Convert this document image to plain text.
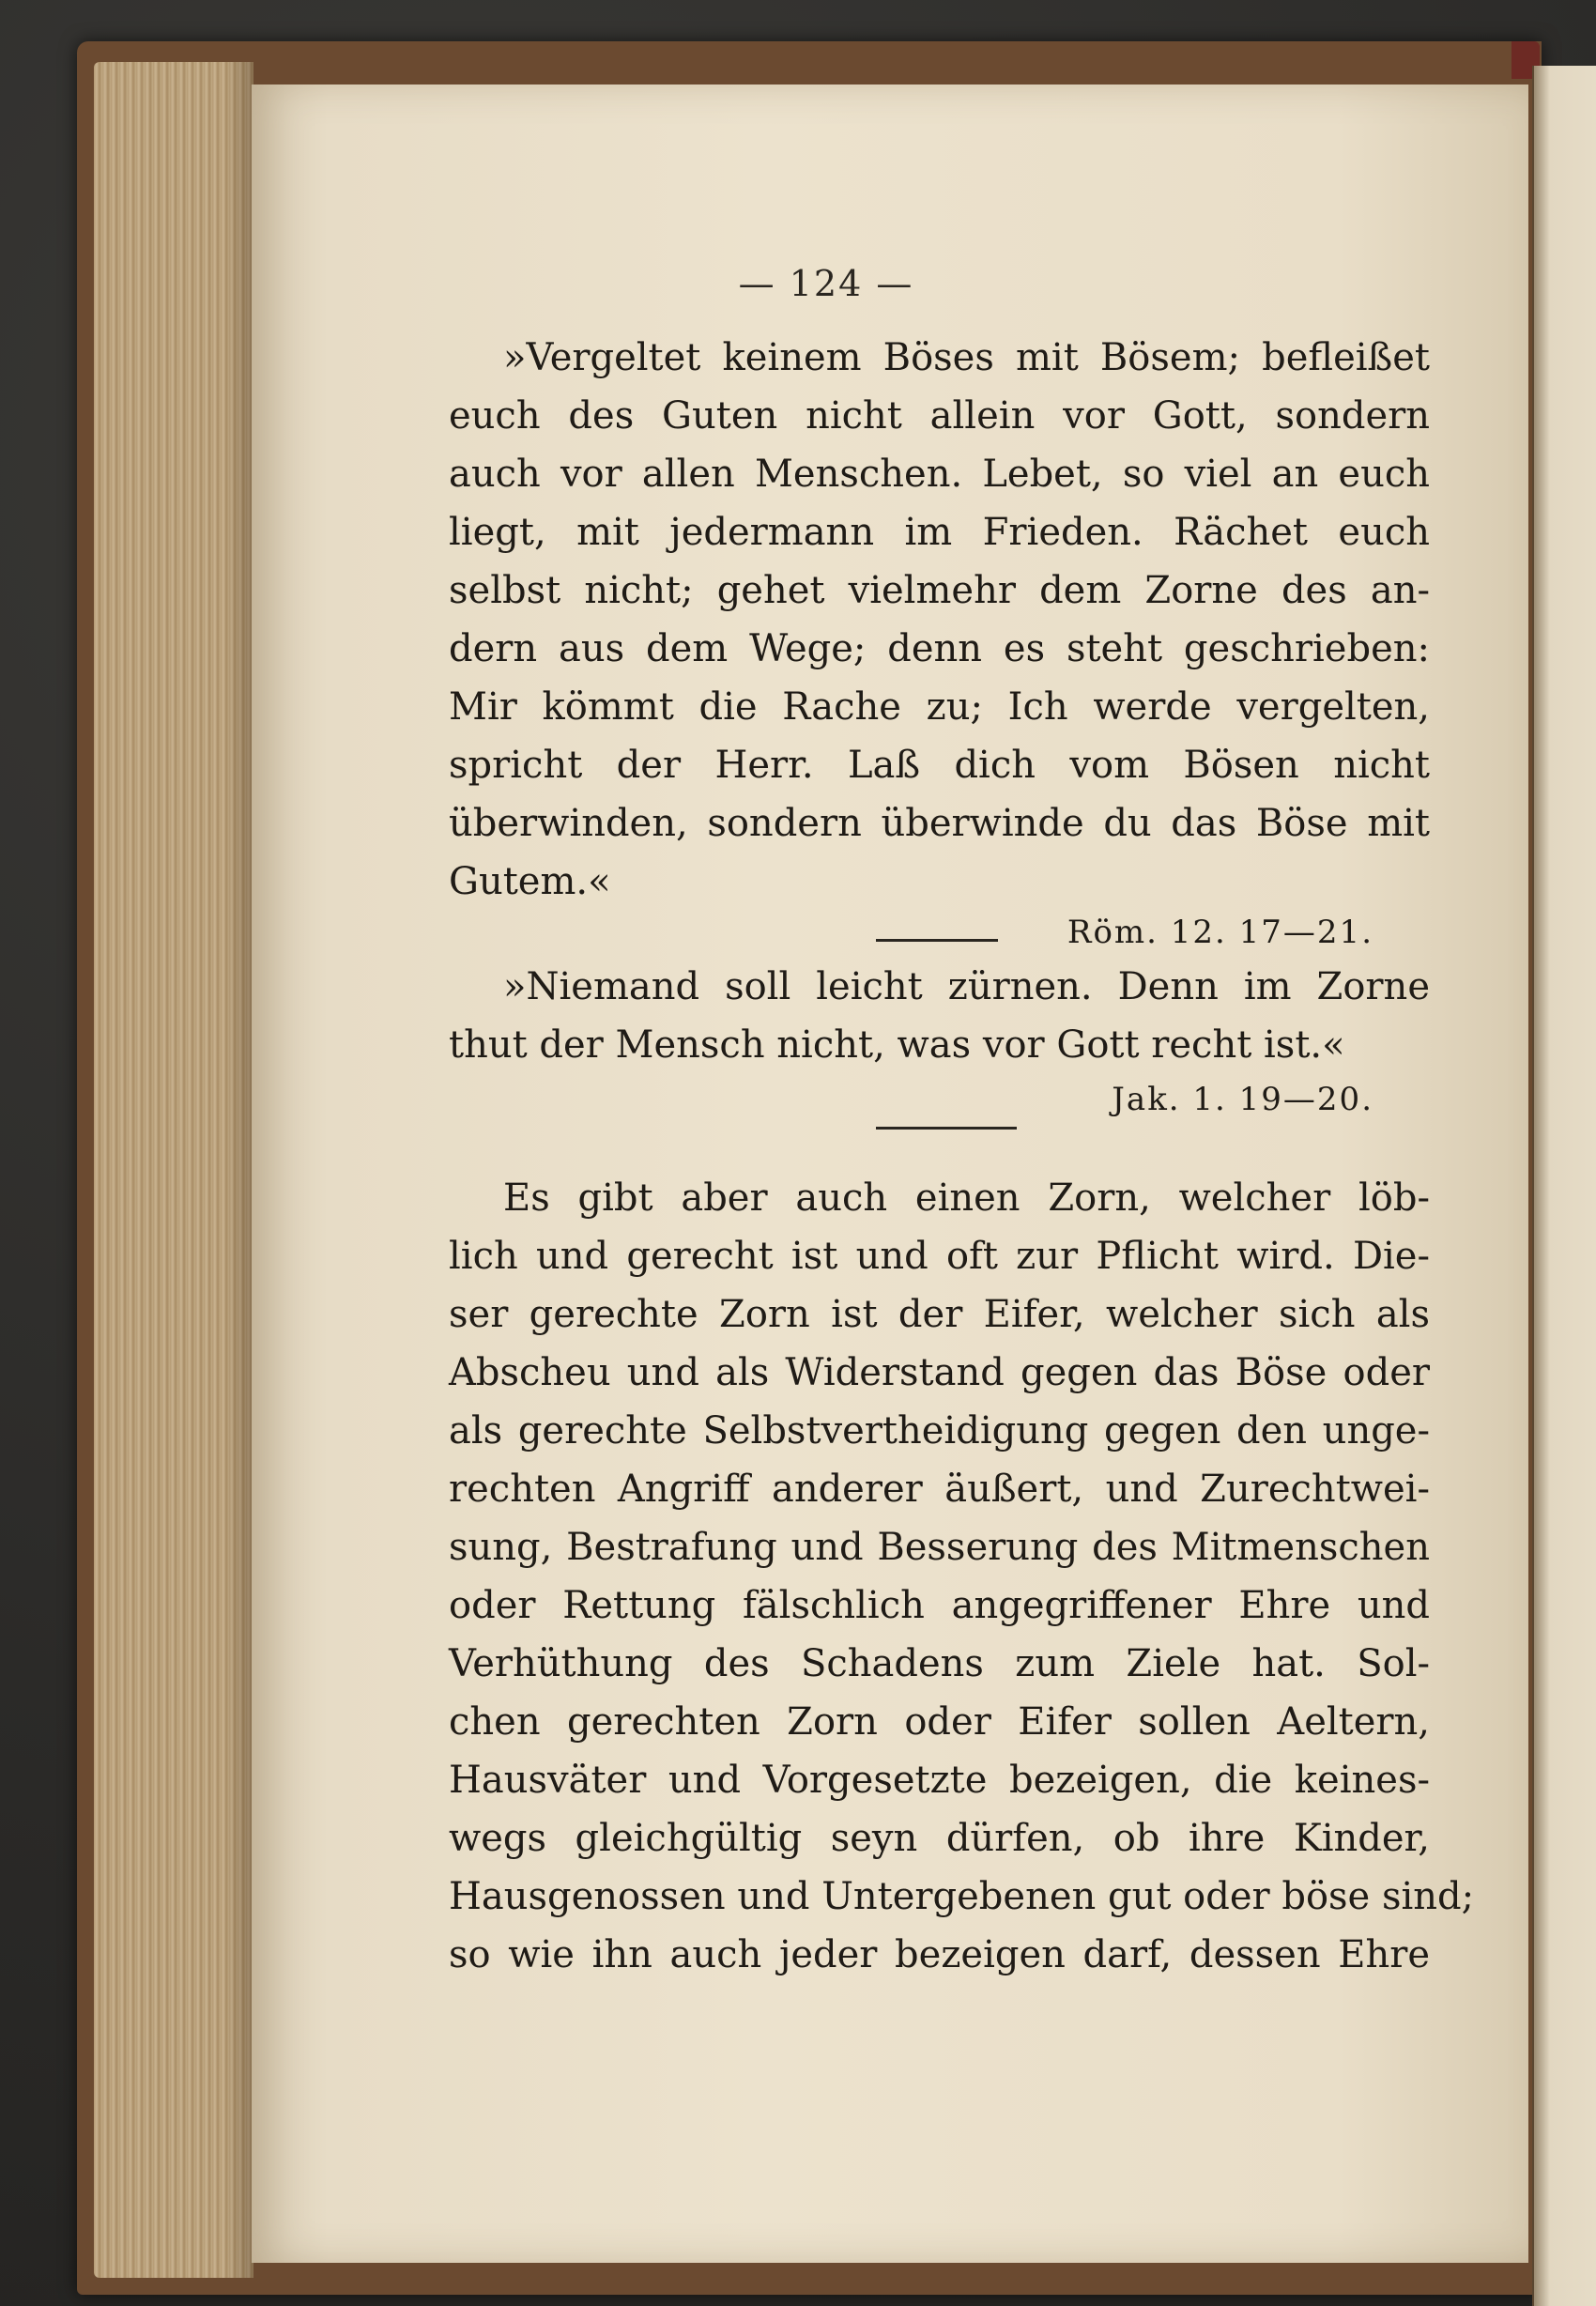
— 124 —
»Vergeltet keinem Böses mit Bösem; befleißet
euch des Guten nicht allein vor Gott, sondern
auch vor allen Menschen. Lebet, so viel an euch
liegt, mit jedermann im Frieden. Rächet euch
selbst nicht; gehet vielmehr dem Zorne des an-
dern aus dem Wege; denn es steht geschrieben:
Mir kömmt die Rache zu; Ich werde vergelten,
spricht der Herr. Laß dich vom Bösen nicht
überwinden, sondern überwinde du das Böse mit
Gutem.«
Röm. 12. 17—21.
»Niemand soll leicht zürnen. Denn im Zorne
thut der Mensch nicht, was vor Gott recht ist.«
Jak. 1. 19—20.
Es gibt aber auch einen Zorn, welcher löb-
lich und gerecht ist und oft zur Pflicht wird. Die-
ser gerechte Zorn ist der Eifer, welcher sich als
Abscheu und als Widerstand gegen das Böse oder
als gerechte Selbstvertheidigung gegen den unge-
rechten Angriff anderer äußert, und Zurechtwei-
sung, Bestrafung und Besserung des Mitmenschen
oder Rettung fälschlich angegriffener Ehre und
Verhüthung des Schadens zum Ziele hat. Sol-
chen gerechten Zorn oder Eifer sollen Aeltern,
Hausväter und Vorgesetzte bezeigen, die keines-
wegs gleichgültig seyn dürfen, ob ihre Kinder,
Hausgenossen und Untergebenen gut oder böse sind;
so wie ihn auch jeder bezeigen darf, dessen Ehre
